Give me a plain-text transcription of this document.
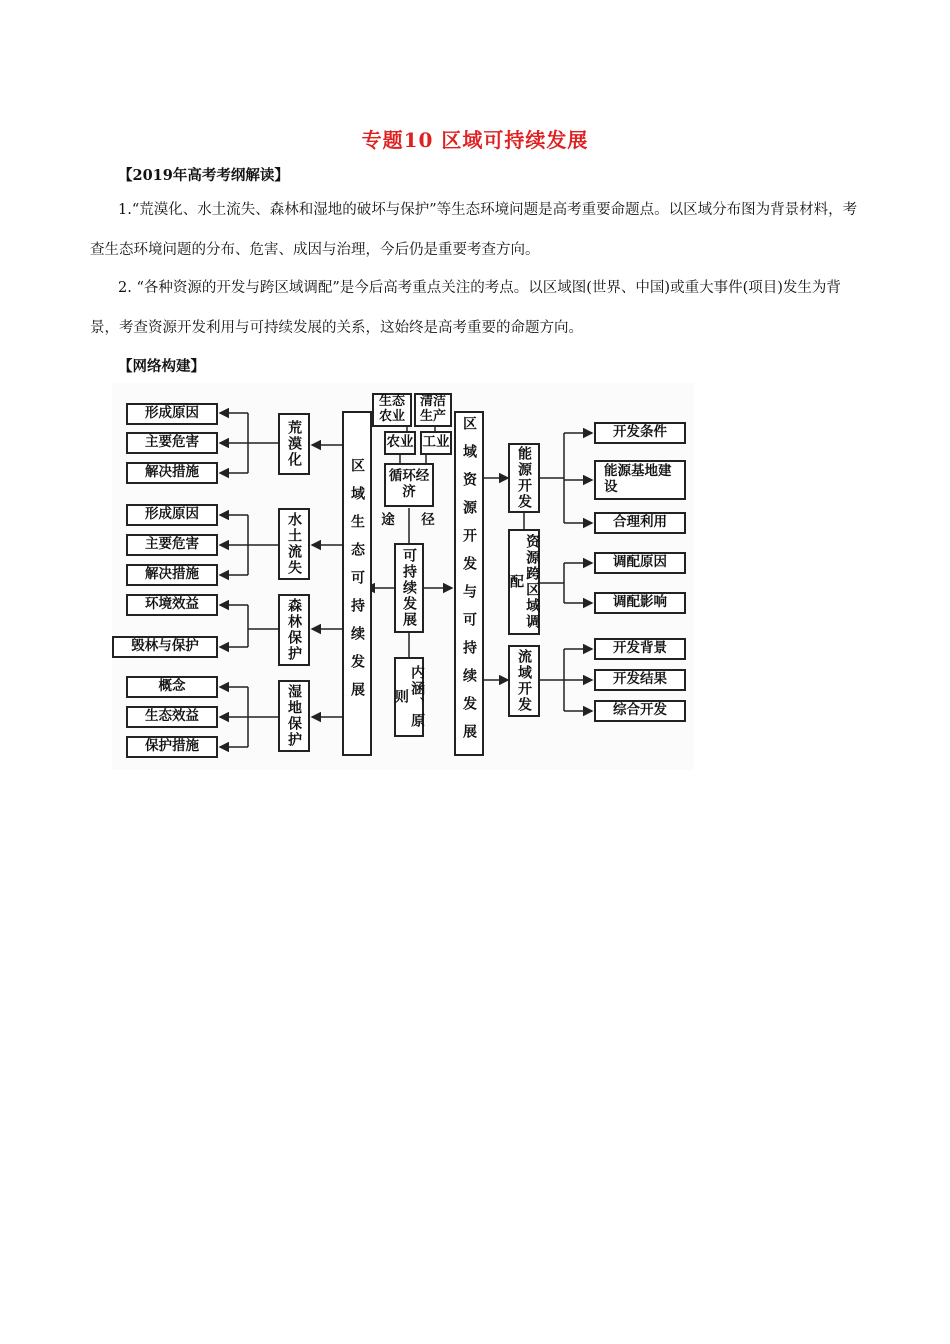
专题10 区域可持续发展
【2019年高考考纲解读】

1.“荒漠化、水土流失、森林和湿地的破坏与保护”等生态环境问题是高考重要命题点。以区域分布图为背景材料，考查生态环境问题的分布、危害、成因与治理，今后仍是重要考查方向。

2. “各种资源的开发与跨区域调配”是今后高考重点关注的考点。以区域图(世界、中国)或重大事件(项目)发生为背景，考查资源开发利用与可持续发展的关系，这始终是高考重要的命题方向。

【网络构建】
形成原因
主要危害
解决措施
形成原因
主要危害
解决措施
环境效益
毁林与保护
概念
生态效益
保护措施
荒漠化
水土流失
森林保护
湿地保护
区域生态可持续发展
生态农业
清洁生产
农业 工业
循环经济
途 径
可持续发展
内涵、原则	区域资源开发与可持续发展	能源开发
资源跨区域调配
流域开发
开发条件
能源基地建设
合理利用
调配原因
调配影响
开发背景
开发结果
综合开发
